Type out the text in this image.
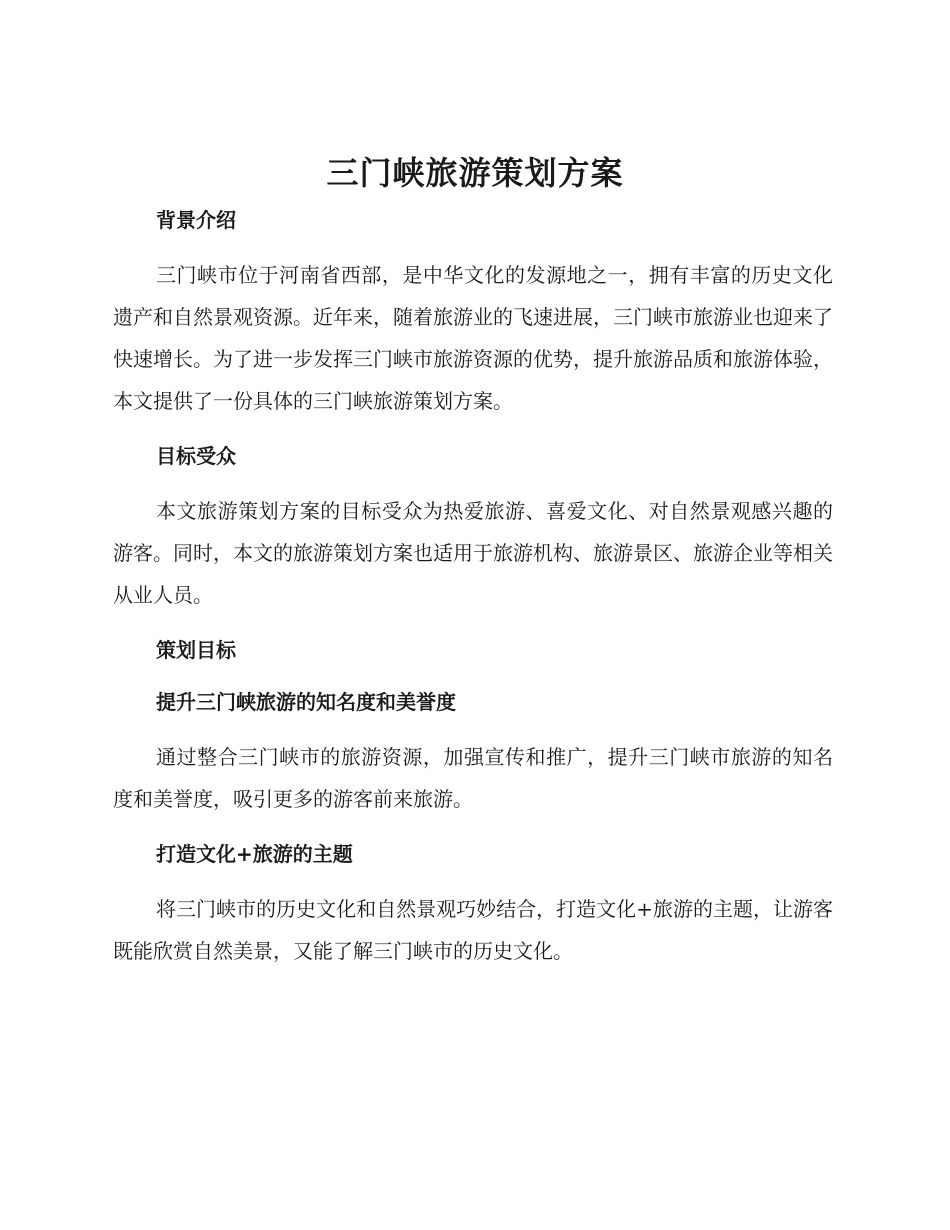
三门峡旅游策划方案
背景介绍

三门峡市位于河南省西部，是中华文化的发源地之一，拥有丰富的历史文化遗产和自然景观资源。近年来，随着旅游业的飞速进展，三门峡市旅游业也迎来了快速增长。为了进一步发挥三门峡市旅游资源的优势，提升旅游品质和旅游体验，本文提供了一份具体的三门峡旅游策划方案。

目标受众

本文旅游策划方案的目标受众为热爱旅游、喜爱文化、对自然景观感兴趣的游客。同时，本文的旅游策划方案也适用于旅游机构、旅游景区、旅游企业等相关从业人员。

策划目标
提升三门峡旅游的知名度和美誉度

通过整合三门峡市的旅游资源，加强宣传和推广，提升三门峡市旅游的知名度和美誉度，吸引更多的游客前来旅游。

打造文化+旅游的主题

将三门峡市的历史文化和自然景观巧妙结合，打造文化+旅游的主题，让游客既能欣赏自然美景，又能了解三门峡市的历史文化。
